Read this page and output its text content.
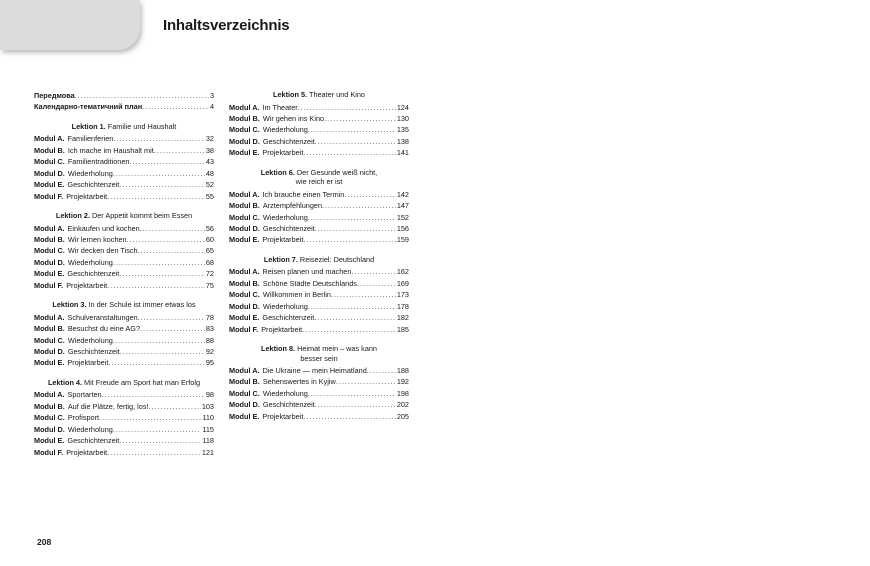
Inhaltsverzeichnis
Передмова .....	3
Календарно-тематичний план .....	4
Lektion 1. Familie und Haushalt
Modul A. Familienferien .....	32
Modul B. Ich mache im Haushalt mit .....	38
Modul C. Familientraditionen .....	43
Modul D. Wiederholung .....	48
Modul E. Geschichtenzeit .....	52
Modul F. Projektarbeit .....	55
Lektion 2. Der Appetit kommt beim Essen
Modul A. Einkaufen und kochen .....	56
Modul B. Wir lernen kochen .....	60
Modul C. Wir decken den Tisch .....	65
Modul D. Wiederholung .....	68
Modul E. Geschichtenzeit .....	72
Modul F. Projektarbeit .....	75
Lektion 3. In der Schule ist immer etwas los
Modul A. Schulveranstaltungen .....	78
Modul B. Besuchst du eine AG? .....	83
Modul C. Wiederholung .....	88
Modul D. Geschichtenzeit .....	92
Modul E. Projektarbeit .....	95
Lektion 4. Mit Freude am Sport hat man Erfolg
Modul A. Sportarten .....	98
Modul B. Auf die Plätze, fertig, los! .....	103
Modul C. Profisport .....	110
Modul D. Wiederholung .....	115
Modul E. Geschichtenzeit .....	118
Modul F. Projektarbeit .....	121
Lektion 5. Theater und Kino
Modul A. Im Theater .....	124
Modul B. Wir gehen ins Kino .....	130
Modul C. Wiederholung .....	135
Modul D. Geschichtenzeit .....	138
Modul E. Projektarbeit .....	141
Lektion 6. Der Gesunde weiß nicht,
wie reich er ist
Modul A. Ich brauche einen Termin .....	142
Modul B. Arztempfehlungen .....	147
Modul C. Wiederholung .....	152
Modul D. Geschichtenzeit .....	156
Modul E. Projektarbeit .....	159
Lektion 7. Reiseziel: Deutschland
Modul A. Reisen planen und machen .....	162
Modul B. Schöne Städte Deutschlands .....	169
Modul C. Willkommen in Berlin .....	173
Modul D. Wiederholung .....	178
Modul E. Geschichtenzeit .....	182
Modul F. Projektarbeit .....	185
Lektion 8. Heimat mein – was kann
besser sein
Modul A. Die Ukraine — mein Heimatland .....	188
Modul B. Sehenswertes in Kyjiw .....	192
Modul C. Wiederholung .....	198
Modul D. Geschichtenzeit .....	202
Modul E. Projektarbeit .....	205
208
